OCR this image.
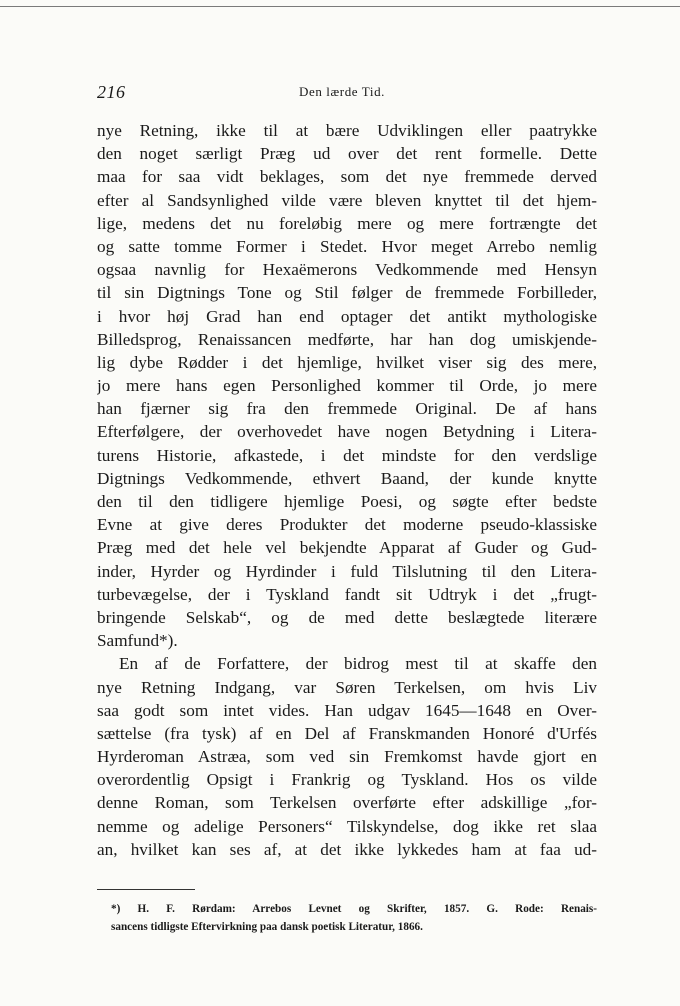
216	Den lærde Tid.
nye Retning, ikke til at bære Udviklingen eller paatrykke
den noget særligt Præg ud over det rent formelle. Dette
maa for saa vidt beklages, som det nye fremmede derved
efter al Sandsynlighed vilde være bleven knyttet til det hjem-
lige, medens det nu foreløbig mere og mere fortrængte det
og satte tomme Former i Stedet. Hvor meget Arrebo nemlig
ogsaa navnlig for Hexaëmerons Vedkommende med Hensyn
til sin Digtnings Tone og Stil følger de fremmede Forbilleder,
i hvor høj Grad han end optager det antikt mythologiske
Billedsprog, Renaissancen medførte, har han dog umiskjende-
lig dybe Rødder i det hjemlige, hvilket viser sig des mere,
jo mere hans egen Personlighed kommer til Orde, jo mere
han fjærner sig fra den fremmede Original. De af hans
Efterfølgere, der overhovedet have nogen Betydning i Litera-
turens Historie, afkastede, i det mindste for den verdslige
Digtnings Vedkommende, ethvert Baand, der kunde knytte
den til den tidligere hjemlige Poesi, og søgte efter bedste
Evne at give deres Produkter det moderne pseudo-klassiske
Præg med det hele vel bekjendte Apparat af Guder og Gud-
inder, Hyrder og Hyrdinder i fuld Tilslutning til den Litera-
turbevægelse, der i Tyskland fandt sit Udtryk i det „frugt-
bringende Selskab“, og de med dette beslægtede literære
Samfund*).
En af de Forfattere, der bidrog mest til at skaffe den
nye Retning Indgang, var Søren Terkelsen, om hvis Liv
saa godt som intet vides. Han udgav 1645—1648 en Over-
sættelse (fra tysk) af en Del af Franskmanden Honoré d'Urfés
Hyrderoman Astræa, som ved sin Fremkomst havde gjort en
overordentlig Opsigt i Frankrig og Tyskland. Hos os vilde
denne Roman, som Terkelsen overførte efter adskillige „for-
nemme og adelige Personers“ Tilskyndelse, dog ikke ret slaa
an, hvilket kan ses af, at det ikke lykkedes ham at faa ud-
*) H. F. Rørdam: Arrebos Levnet og Skrifter, 1857. G. Rode: Renais-
sancens tidligste Eftervirkning paa dansk poetisk Literatur, 1866.
